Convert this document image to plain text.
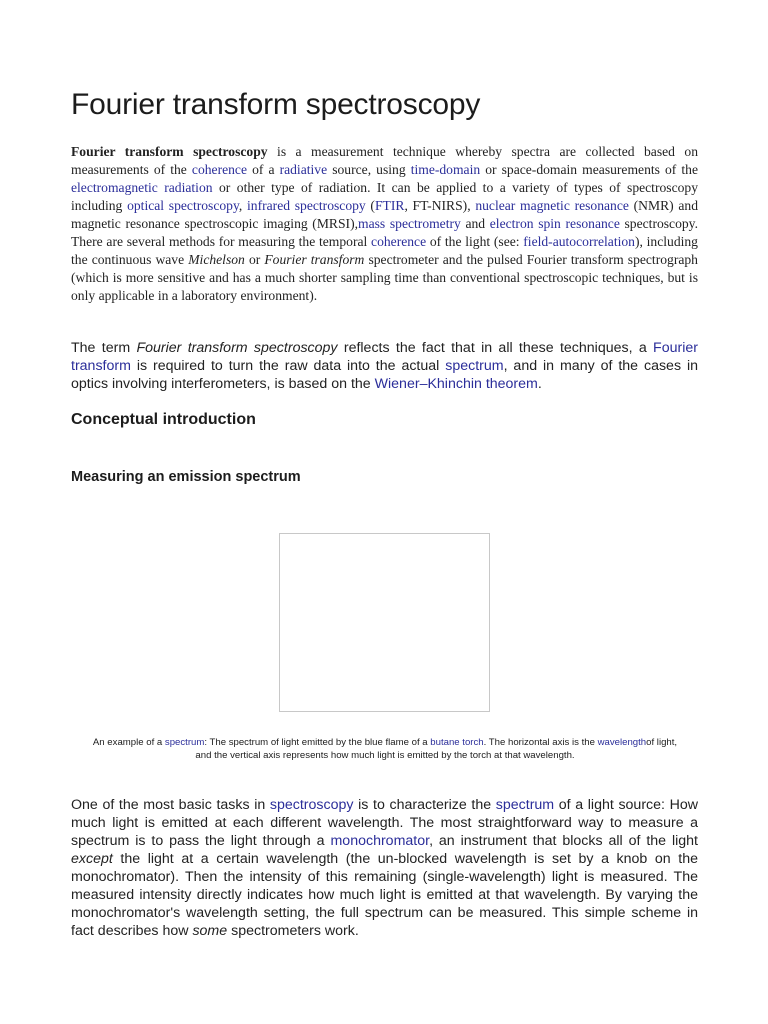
Fourier transform spectroscopy

Fourier transform spectroscopy is a measurement technique whereby spectra are collected based on measurements of the coherence of a radiative source, using time-domain or space-domain measurements of the electromagnetic radiation or other type of radiation. It can be applied to a variety of types of spectroscopy including optical spectroscopy, infrared spectroscopy (FTIR, FT-NIRS), nuclear magnetic resonance (NMR) and magnetic resonance spectroscopic imaging (MRSI),mass spectrometry and electron spin resonance spectroscopy. There are several methods for measuring the temporal coherence of the light (see: field-autocorrelation), including the continuous wave Michelson or Fourier transform spectrometer and the pulsed Fourier transform spectrograph (which is more sensitive and has a much shorter sampling time than conventional spectroscopic techniques, but is only applicable in a laboratory environment).

The term Fourier transform spectroscopy reflects the fact that in all these techniques, a Fourier transform is required to turn the raw data into the actual spectrum, and in many of the cases in optics involving interferometers, is based on the Wiener–Khinchin theorem.

Conceptual introduction
Measuring an emission spectrum

An example of a spectrum: The spectrum of light emitted by the blue flame of a butane torch. The horizontal axis is the wavelengthof light, and the vertical axis represents how much light is emitted by the torch at that wavelength.

One of the most basic tasks in spectroscopy is to characterize the spectrum of a light source: How much light is emitted at each different wavelength. The most straightforward way to measure a spectrum is to pass the light through a monochromator, an instrument that blocks all of the light except the light at a certain wavelength (the un-blocked wavelength is set by a knob on the monochromator). Then the intensity of this remaining (single-wavelength) light is measured. The measured intensity directly indicates how much light is emitted at that wavelength. By varying the monochromator's wavelength setting, the full spectrum can be measured. This simple scheme in fact describes how some spectrometers work.
